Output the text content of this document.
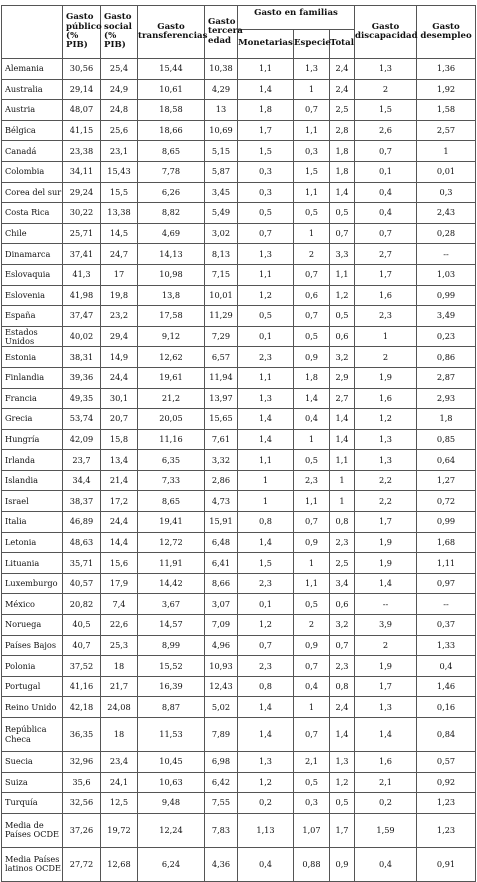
	Gasto público (% PIB)	Gasto social (% PIB)	Gasto transferencias	Gasto tercera edad	Gasto en familias			Gasto discapacidad	Gasto desempleo
					Monetarias	Especie	Total		
Alemania	30,56	25,4	15,44	10,38	1,1	1,3	2,4	1,3	1,36
Australia	29,14	24,9	10,61	4,29	1,4	1	2,4	2	1,92
Austria	48,07	24,8	18,58	13	1,8	0,7	2,5	1,5	1,58
Bélgica	41,15	25,6	18,66	10,69	1,7	1,1	2,8	2,6	2,57
Canadá	23,38	23,1	8,65	5,15	1,5	0,3	1,8	0,7	1
Colombia	34,11	15,43	7,78	5,87	0,3	1,5	1,8	0,1	0,01
Corea del sur	29,24	15,5	6,26	3,45	0,3	1,1	1,4	0,4	0,3
Costa Rica	30,22	13,38	8,82	5,49	0,5	0,5	0,5	0,4	2,43
Chile	25,71	14,5	4,69	3,02	0,7	1	0,7	0,7	0,28
Dinamarca	37,41	24,7	14,13	8,13	1,3	2	3,3	2,7	--
Eslovaquia	41,3	17	10,98	7,15	1,1	0,7	1,1	1,7	1,03
Eslovenia	41,98	19,8	13,8	10,01	1,2	0,6	1,2	1,6	0,99
España	37,47	23,2	17,58	11,29	0,5	0,7	0,5	2,3	3,49
Estados Unidos	40,02	29,4	9,12	7,29	0,1	0,5	0,6	1	0,23
Estonia	38,31	14,9	12,62	6,57	2,3	0,9	3,2	2	0,86
Finlandia	39,36	24,4	19,61	11,94	1,1	1,8	2,9	1,9	2,87
Francia	49,35	30,1	21,2	13,97	1,3	1,4	2,7	1,6	2,93
Grecia	53,74	20,7	20,05	15,65	1,4	0,4	1,4	1,2	1,8
Hungría	42,09	15,8	11,16	7,61	1,4	1	1,4	1,3	0,85
Irlanda	23,7	13,4	6,35	3,32	1,1	0,5	1,1	1,3	0,64
Islandia	34,4	21,4	7,33	2,86	1	2,3	1	2,2	1,27
Israel	38,37	17,2	8,65	4,73	1	1,1	1	2,2	0,72
Italia	46,89	24,4	19,41	15,91	0,8	0,7	0,8	1,7	0,99
Letonia	48,63	14,4	12,72	6,48	1,4	0,9	2,3	1,9	1,68
Lituania	35,71	15,6	11,91	6,41	1,5	1	2,5	1,9	1,11
Luxemburgo	40,57	17,9	14,42	8,66	2,3	1,1	3,4	1,4	0,97
México	20,82	7,4	3,67	3,07	0,1	0,5	0,6	--	--
Noruega	40,5	22,6	14,57	7,09	1,2	2	3,2	3,9	0,37
Países Bajos	40,7	25,3	8,99	4,96	0,7	0,9	0,7	2	1,33
Polonia	37,52	18	15,52	10,93	2,3	0,7	2,3	1,9	0,4
Portugal	41,16	21,7	16,39	12,43	0,8	0,4	0,8	1,7	1,46
Reino Unido	42,18	24,08	8,87	5,02	1,4	1	2,4	1,3	0,16
República Checa	36,35	18	11,53	7,89	1,4	0,7	1,4	1,4	0,84
Suecia	32,96	23,4	10,45	6,98	1,3	2,1	1,3	1,6	0,57
Suiza	35,6	24,1	10,63	6,42	1,2	0,5	1,2	2,1	0,92
Turquía	32,56	12,5	9,48	7,55	0,2	0,3	0,5	0,2	1,23
Media de Países OCDE	37,26	19,72	12,24	7,83	1,13	1,07	1,7	1,59	1,23
Media Países latinos OCDE	27,72	12,68	6,24	4,36	0,4	0,88	0,9	0,4	0,91
